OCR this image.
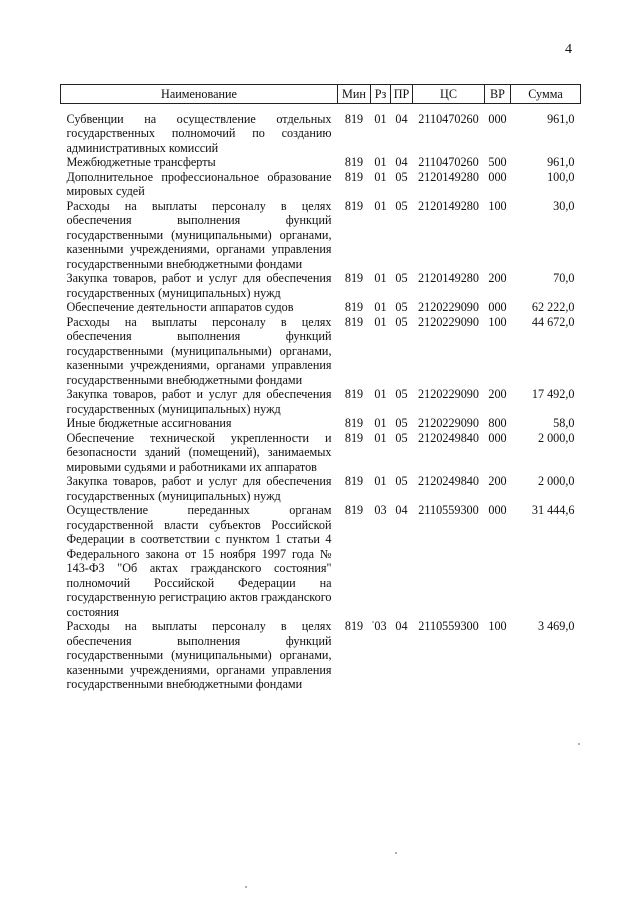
4
Наименование	Мин	Рз	ПР	ЦС	ВР	Сумма
Субвенции на осуществление отдельных государственных полномочий по созданию административных комиссий	819	01	04	2110470260	000	961,0
Межбюджетные трансферты	819	01	04	2110470260	500	961,0
Дополнительное профессиональное образование мировых судей	819	01	05	2120149280	000	100,0
Расходы на выплаты персоналу в целях обеспечения выполнения функций государственными (муниципальными) органами, казенными учреждениями, органами управления государственными внебюджетными фондами	819	01	05	2120149280	100	30,0
Закупка товаров, работ и услуг для обеспечения государственных (муниципальных) нужд	819	01	05	2120149280	200	70,0
Обеспечение деятельности аппаратов судов	819	01	05	2120229090	000	62 222,0
Расходы на выплаты персоналу в целях обеспечения выполнения функций государственными (муниципальными) органами, казенными учреждениями, органами управления государственными внебюджетными фондами	819	01	05	2120229090	100	44 672,0
Закупка товаров, работ и услуг для обеспечения государственных (муниципальных) нужд	819	01	05	2120229090	200	17 492,0
Иные бюджетные ассигнования	819	01	05	2120229090	800	58,0
Обеспечение технической укрепленности и безопасности зданий (помещений), занимаемых мировыми судьями и работниками их аппаратов	819	01	05	2120249840	000	2 000,0
Закупка товаров, работ и услуг для обеспечения государственных (муниципальных) нужд	819	01	05	2120249840	200	2 000,0
Осуществление переданных органам государственной власти субъектов Российской Федерации в соответствии с пунктом 1 статьи 4 Федерального закона от 15 ноября 1997 года № 143-ФЗ "Об актах гражданского состояния" полномочий Российской Федерации на государственную регистрацию актов гражданского состояния	819	03	04	2110559300	000	31 444,6
Расходы на выплаты персоналу в целях обеспечения выполнения функций государственными (муниципальными) органами, казенными учреждениями, органами управления государственными внебюджетными фондами	819	03	04	2110559300	100	3 469,0
